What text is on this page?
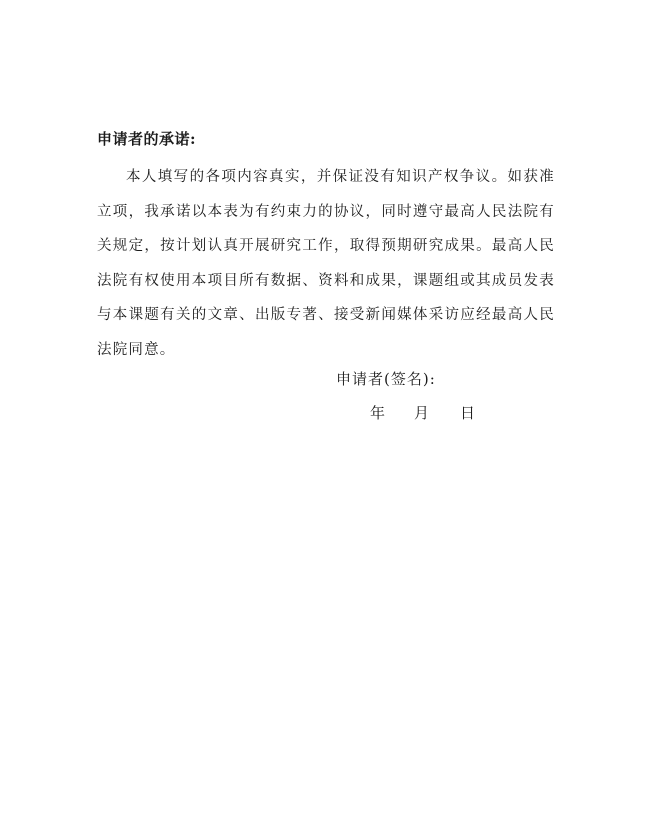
申请者的承诺:

本人填写的各项内容真实，并保证没有知识产权争议。如获准立项，我承诺以本表为有约束力的协议，同时遵守最高人民法院有关规定，按计划认真开展研究工作，取得预期研究成果。最高人民法院有权使用本项目所有数据、资料和成果，课题组或其成员发表与本课题有关的文章、出版专著、接受新闻媒体采访应经最高人民法院同意。

申请者(签名):
年	月	日
